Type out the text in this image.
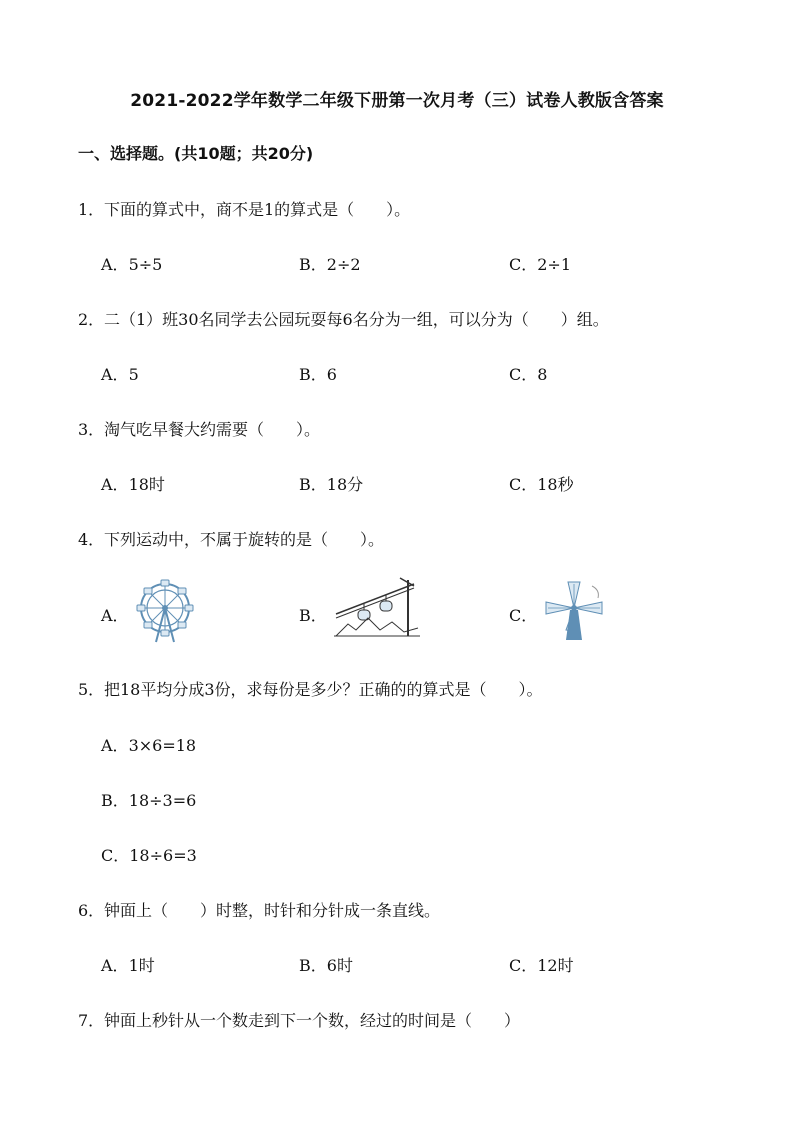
2021-2022学年数学二年级下册第一次月考（三）试卷人教版含答案
一、选择题。(共10题；共20分)
1．下面的算式中，商不是1的算式是（　　）。
A．5÷5	B．2÷2	C．2÷1
2．二（1）班30名同学去公园玩耍每6名分为一组，可以分为（　　）组。
A．5	B．6	C．8
3．淘气吃早餐大约需要（　　）。
A．18时	B．18分	C．18秒
4．下列运动中，不属于旋转的是（　　）。
A．	B．	C．
5．把18平均分成3份，求每份是多少？正确的的算式是（　　）。
A．3×6=18
B．18÷3=6
C．18÷6=3
6．钟面上（　　）时整，时针和分针成一条直线。
A．1时	B．6时	C．12时
7．钟面上秒针从一个数走到下一个数，经过的时间是（　　）
